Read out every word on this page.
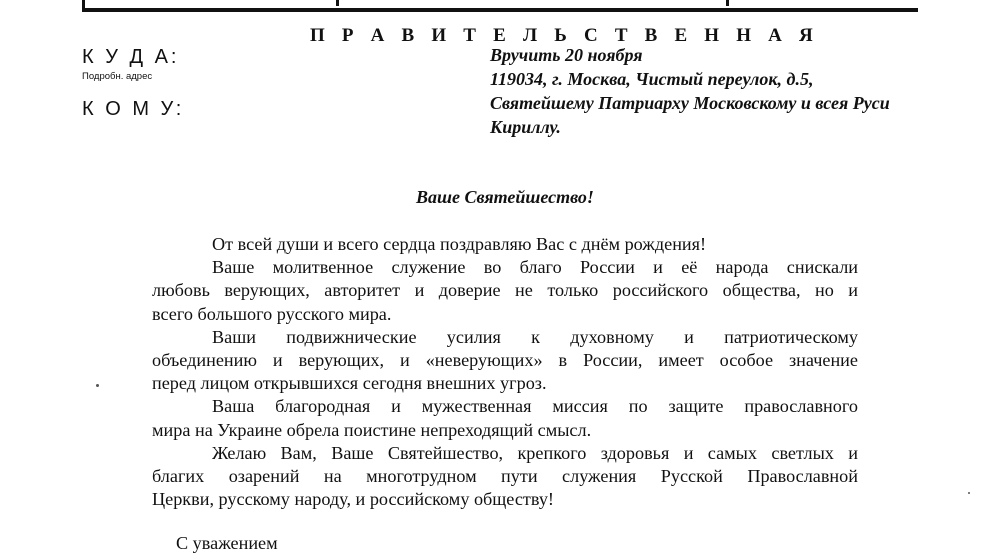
П Р А В И Т Е Л Ь С Т В Е Н Н А Я
К У Д А:
Подробн. адрес
К О М У:
Вручить 20 ноября
119034, г. Москва, Чистый переулок, д.5,
Святейшему Патриарху Московскому и всея Руси
Кириллу.
Ваше Святейшество!
От всей души и всего сердца поздравляю Вас с днём рождения!
Ваше молитвенное служение во благо России и её народа снискали
любовь верующих, авторитет и доверие не только российского общества, но и
всего большого русского мира.
Ваши подвижнические усилия к духовному и патриотическому
объединению и верующих, и «неверующих» в России, имеет особое значение
перед лицом открывшихся сегодня внешних угроз.
Ваша благородная и мужественная миссия по защите православного
мира на Украине обрела поистине непреходящий смысл.
Желаю Вам, Ваше Святейшество, крепкого здоровья и самых светлых и
благих озарений на многотрудном пути служения Русской Православной
Церкви, русскому народу, и российскому обществу!
С уважением
